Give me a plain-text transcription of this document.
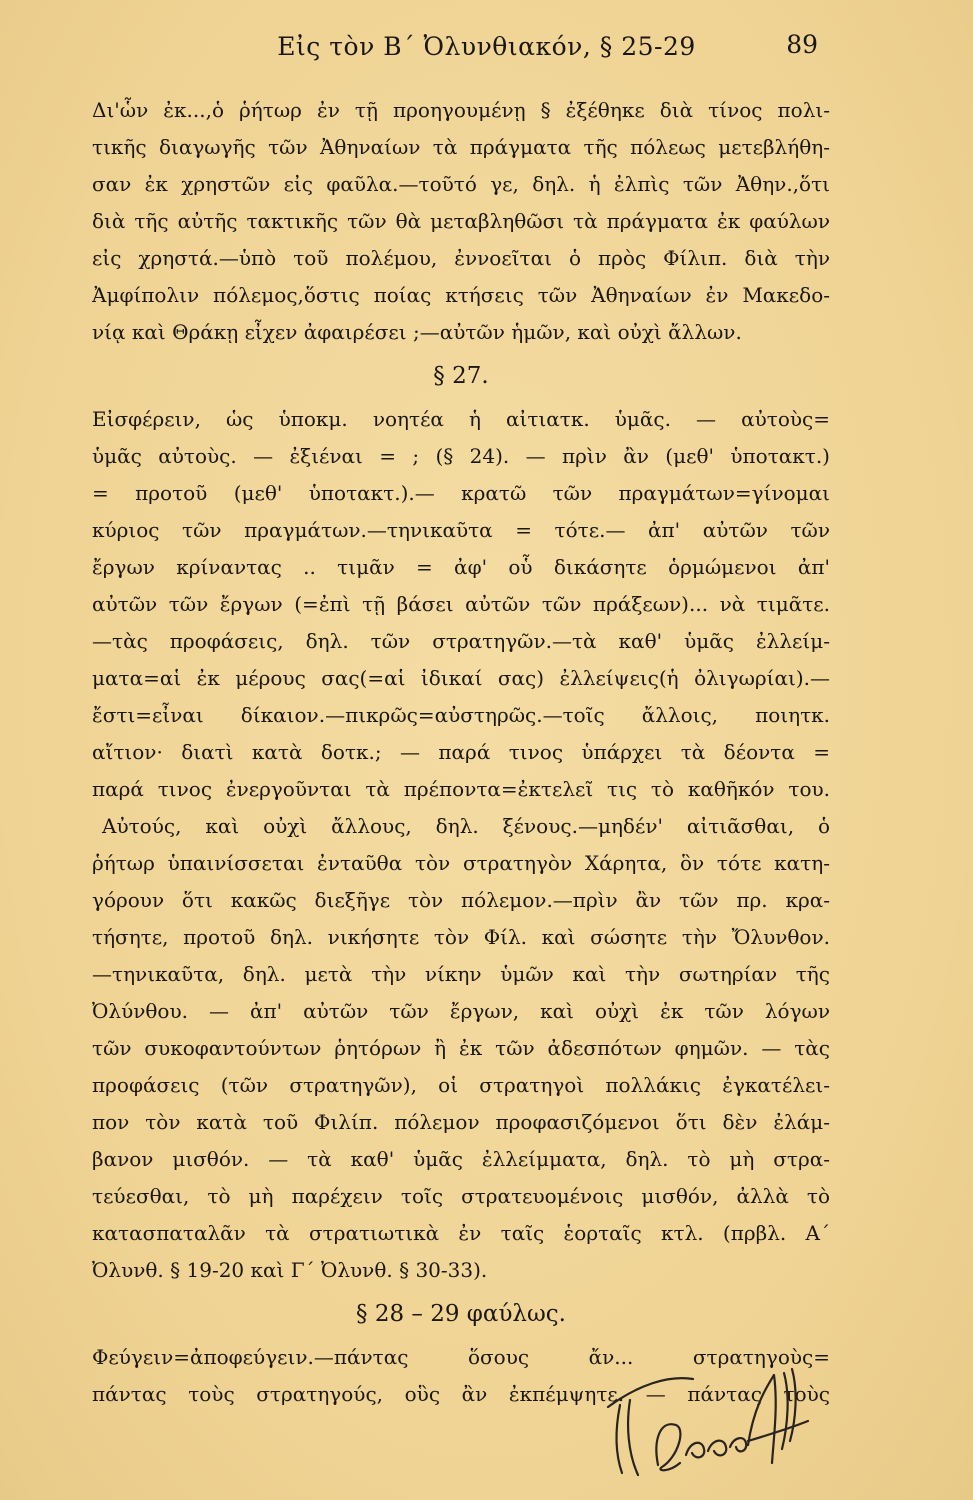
Εἰς τὸν Β΄ Ὀλυνθιακόν, § 25-29	89
Δι'ὧν ἐκ...,ὁ ῥήτωρ ἐν τῇ προηγουμένῃ § ἐξέθηκε διὰ τίνος πολι-
τικῆς διαγωγῆς τῶν Ἀθηναίων τὰ πράγματα τῆς πόλεως μετεβλήθη-
σαν ἐκ χρηστῶν εἰς φαῦλα.—τοῦτό γε, δηλ. ἡ ἐλπὶς τῶν Ἀθην.,ὅτι
διὰ τῆς αὐτῆς τακτικῆς τῶν θὰ μεταβληθῶσι τὰ πράγματα ἐκ φαύλων
εἰς χρηστά.—ὑπὸ τοῦ πολέμου, ἐννοεῖται ὁ πρὸς Φίλιπ. διὰ τὴν
Ἀμφίπολιν πόλεμος,ὅστις ποίας κτήσεις τῶν Ἀθηναίων ἐν Μακεδο-
νίᾳ καὶ Θράκῃ εἶχεν ἀφαιρέσει ;—αὐτῶν ἡμῶν, καὶ οὐχὶ ἄλλων.
§ 27.
Εἰσφέρειν, ὡς ὑποκμ. νοητέα ἡ αἰτιατκ. ὑμᾶς. — αὐτοὺς=
ὑμᾶς αὐτοὺς. — ἐξιέναι = ; (§ 24). — πρὶν ἂν (μεθ' ὑποτακτ.)
= προτοῦ (μεθ' ὑποτακτ.).— κρατῶ τῶν πραγμάτων=γίνομαι
κύριος τῶν πραγμάτων.—τηνικαῦτα = τότε.— ἀπ' αὐτῶν τῶν
ἔργων κρίναντας .. τιμᾶν = ἀφ' οὗ δικάσητε ὁρμώμενοι ἀπ'
αὐτῶν τῶν ἔργων (=ἐπὶ τῇ βάσει αὐτῶν τῶν πράξεων)... νὰ τιμᾶτε.
—τὰς προφάσεις, δηλ. τῶν στρατηγῶν.—τὰ καθ' ὑμᾶς ἐλλείμ-
ματα=αἱ ἐκ μέρους σας(=αἱ ἰδικαί σας) ἐλλείψεις(ἡ ὀλιγωρίαι).—
ἔστι=εἶναι δίκαιον.—πικρῶς=αὐστηρῶς.—τοῖς ἄλλοις, ποιητκ.
αἴτιον· διατὶ κατὰ δοτκ.; — παρά τινος ὑπάρχει τὰ δέοντα =
παρά τινος ἐνεργοῦνται τὰ πρέποντα=ἐκτελεῖ τις τὸ καθῆκόν του.
Αὐτούς, καὶ οὐχὶ ἄλλους, δηλ. ξένους.—μηδέν' αἰτιᾶσθαι, ὁ
ῥήτωρ ὑπαινίσσεται ἐνταῦθα τὸν στρατηγὸν Χάρητα, ὃν τότε κατη-
γόρουν ὅτι κακῶς διεξῆγε τὸν πόλεμον.—πρὶν ἂν τῶν πρ. κρα-
τήσητε, προτοῦ δηλ. νικήσητε τὸν Φίλ. καὶ σώσητε τὴν Ὄλυνθον.
—τηνικαῦτα, δηλ. μετὰ τὴν νίκην ὑμῶν καὶ τὴν σωτηρίαν τῆς
Ὀλύνθου. — ἀπ' αὐτῶν τῶν ἔργων, καὶ οὐχὶ ἐκ τῶν λόγων
τῶν συκοφαντούντων ῥητόρων ἢ ἐκ τῶν ἀδεσπότων φημῶν. — τὰς
προφάσεις (τῶν στρατηγῶν), οἱ στρατηγοὶ πολλάκις ἐγκατέλει-
πον τὸν κατὰ τοῦ Φιλίπ. πόλεμον προφασιζόμενοι ὅτι δὲν ἐλάμ-
βανον μισθόν. — τὰ καθ' ὑμᾶς ἐλλείμματα, δηλ. τὸ μὴ στρα-
τεύεσθαι, τὸ μὴ παρέχειν τοῖς στρατευομένοις μισθόν, ἀλλὰ τὸ
κατασπαταλᾶν τὰ στρατιωτικὰ ἐν ταῖς ἑορταῖς κτλ. (πρβλ. Α΄
Ὀλυνθ. § 19-20 καὶ Γ΄ Ὀλυνθ. § 30-33).
§ 28 – 29 φαύλως.
Φεύγειν=ἀποφεύγειν.—πάντας ὅσους ἄν... στρατηγοὺς=
πάντας τοὺς στρατηγούς, οὓς ἂν ἐκπέμψητε. — πάντας τοὺς
